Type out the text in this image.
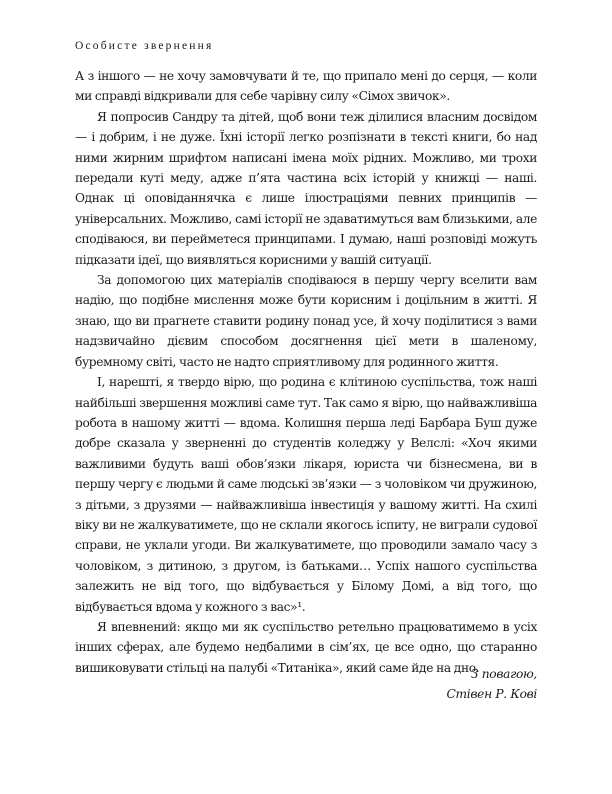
Особисте звернення

А з іншого — не хочу замовчувати й те, що припало мені до серця, — коли ми справді відкривали для себе чарівну силу «Сімох звичок».

Я попросив Сандру та дітей, щоб вони теж ділилися власним досвідом — і добрим, і не дуже. Їхні історії легко розпізнати в тексті книги, бо над ними жирним шрифтом написані імена моїх рідних. Можливо, ми трохи передали куті меду, адже п’ята частина всіх історій у книжці — наші. Однак ці оповіданнячка є лише ілюстраціями певних принципів — універсальних. Можливо, самі історії не здаватимуться вам близькими, але сподіваюся, ви перейметеся принципами. І думаю, наші розповіді можуть підказати ідеї, що виявляться корисними у вашій ситуації.

За допомогою цих матеріалів сподіваюся в першу чергу вселити вам надію, що подібне мислення може бути корисним і доцільним в житті. Я знаю, що ви прагнете ставити родину понад усе, й хочу поділитися з вами надзвичайно дієвим способом досягнення цієї мети в шаленому, буремному світі, часто не надто сприятливому для родинного життя.

І, нарешті, я твердо вірю, що родина є клітиною суспільства, тож наші найбільші звершення можливі саме тут. Так само я вірю, що найважливіша робота в нашому житті — вдома. Колишня перша леді Барбара Буш дуже добре сказала у зверненні до студентів коледжу у Велслі: «Хоч якими важливими будуть ваші обов’язки лікаря, юриста чи бізнесмена, ви в першу чергу є людьми й саме людські зв’язки — з чоловіком чи дружиною, з дітьми, з друзями — найважливіша інвестиція у вашому житті. На схилі віку ви не жалкуватимете, що не склали якогось іспиту, не виграли судової справи, не уклали угоди. Ви жалкуватимете, що проводили замало часу з чоловіком, з дитиною, з другом, із батьками… Успіх нашого суспільства залежить не від того, що відбувається у Білому Домі, а від того, що відбувається вдома у кожного з вас»¹.

Я впевнений: якщо ми як суспільство ретельно працюватимемо в усіх інших сферах, але будемо недбалими в сім’ях, це все одно, що старанно вишиковувати стільці на палубі «Титаніка», який саме йде на дно.

З повагою,
Стівен Р. Кові
